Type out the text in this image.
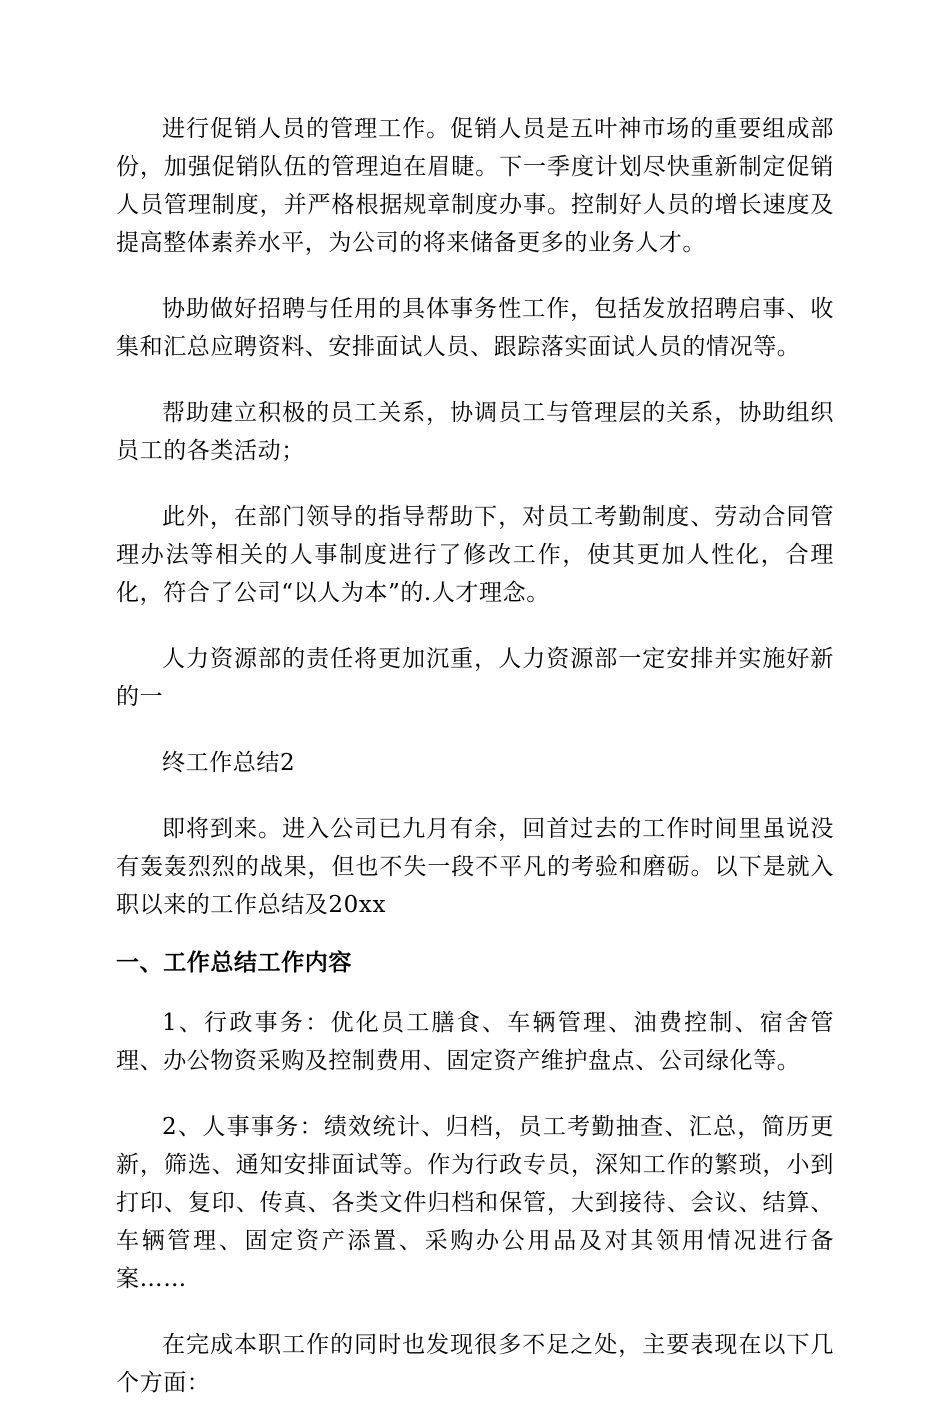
进行促销人员的管理工作。促销人员是五叶神市场的重要组成部份，加强促销队伍的管理迫在眉睫。下一季度计划尽快重新制定促销人员管理制度，并严格根据规章制度办事。控制好人员的增长速度及提高整体素养水平，为公司的将来储备更多的业务人才。

协助做好招聘与任用的具体事务性工作，包括发放招聘启事、收集和汇总应聘资料、安排面试人员、跟踪落实面试人员的情况等。

帮助建立积极的员工关系，协调员工与管理层的关系，协助组织员工的各类活动；

此外，在部门领导的指导帮助下，对员工考勤制度、劳动合同管理办法等相关的人事制度进行了修改工作，使其更加人性化，合理化，符合了公司“以人为本”的.人才理念。

人力资源部的责任将更加沉重，人力资源部一定安排并实施好新的一

终工作总结2

即将到来。进入公司已九月有余，回首过去的工作时间里虽说没有轰轰烈烈的战果，但也不失一段不平凡的考验和磨砺。以下是就入职以来的工作总结及20xx

一、工作总结工作内容

1、行政事务：优化员工膳食、车辆管理、油费控制、宿舍管理、办公物资采购及控制费用、固定资产维护盘点、公司绿化等。

2、人事事务：绩效统计、归档，员工考勤抽查、汇总，简历更新，筛选、通知安排面试等。作为行政专员，深知工作的繁琐，小到打印、复印、传真、各类文件归档和保管，大到接待、会议、结算、车辆管理、固定资产添置、采购办公用品及对其领用情况进行备案……

在完成本职工作的同时也发现很多不足之处，主要表现在以下几个方面：
